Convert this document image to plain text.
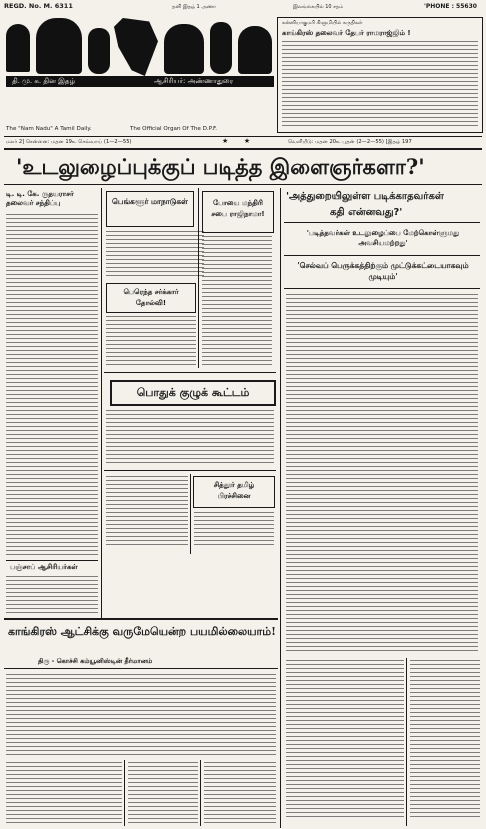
REGD. No. M. 6311	தனி இதழ் 1 அணா	இலங்கையில் 10 சதம்	'PHONE : 55630
தி. மு. க. தின இதழ்	ஆசிரியர்: அண்ணாதுரை
The "Nam Nadu" A Tamil Daily.	The Official Organ Of The D.P.F.
மலர் 2] சென்னை: மதன 19உ செவ்வாய் (1—2—55)	வெளியீடு: மதன 20உ புதன் (2—2—55) [இதழ் 197
★       ★
கன்னியாகுமரி கிளுமியில் கருதிகள்
காங்கிரஸ் தலைவர் தேபர் ராமராஜ்ஜிம் !
'உடலுழைப்புக்குப் படித்த இளைஞர்களா?'
டி. டி. கே. ருதயராசர் தலைவர் சந்திப்பு
பஞ்சாப் ஆசிரியர்கள்
பெங்களூர் மாநாடுகள்
பெரெந்த சர்க்கார் தோல்வி!
போயை மந்திரி சபை ராஜிநாமா!
பொதுக் குழுக் கூட்டம்
சித்தூர் தமிழ் பிரச்சினை
'அத்துறையிலுள்ள படிக்காதவர்கள்
கதி என்னவது?'
'படித்தவர்கள் உடலுழைப்பை மேற்கொள்ளுமது அவசியமற்றது'
'செல்வப் பெருக்கத்திற்கும் முட்டுக்கட்டையாகவும் முடியும்'
காங்கிரஸ் ஆட்சிக்கு வருமேயென்ற பயமில்லையாம்!
திரு - கொச்சி கம்யூனிஸ்டின் தீர்மானம்
